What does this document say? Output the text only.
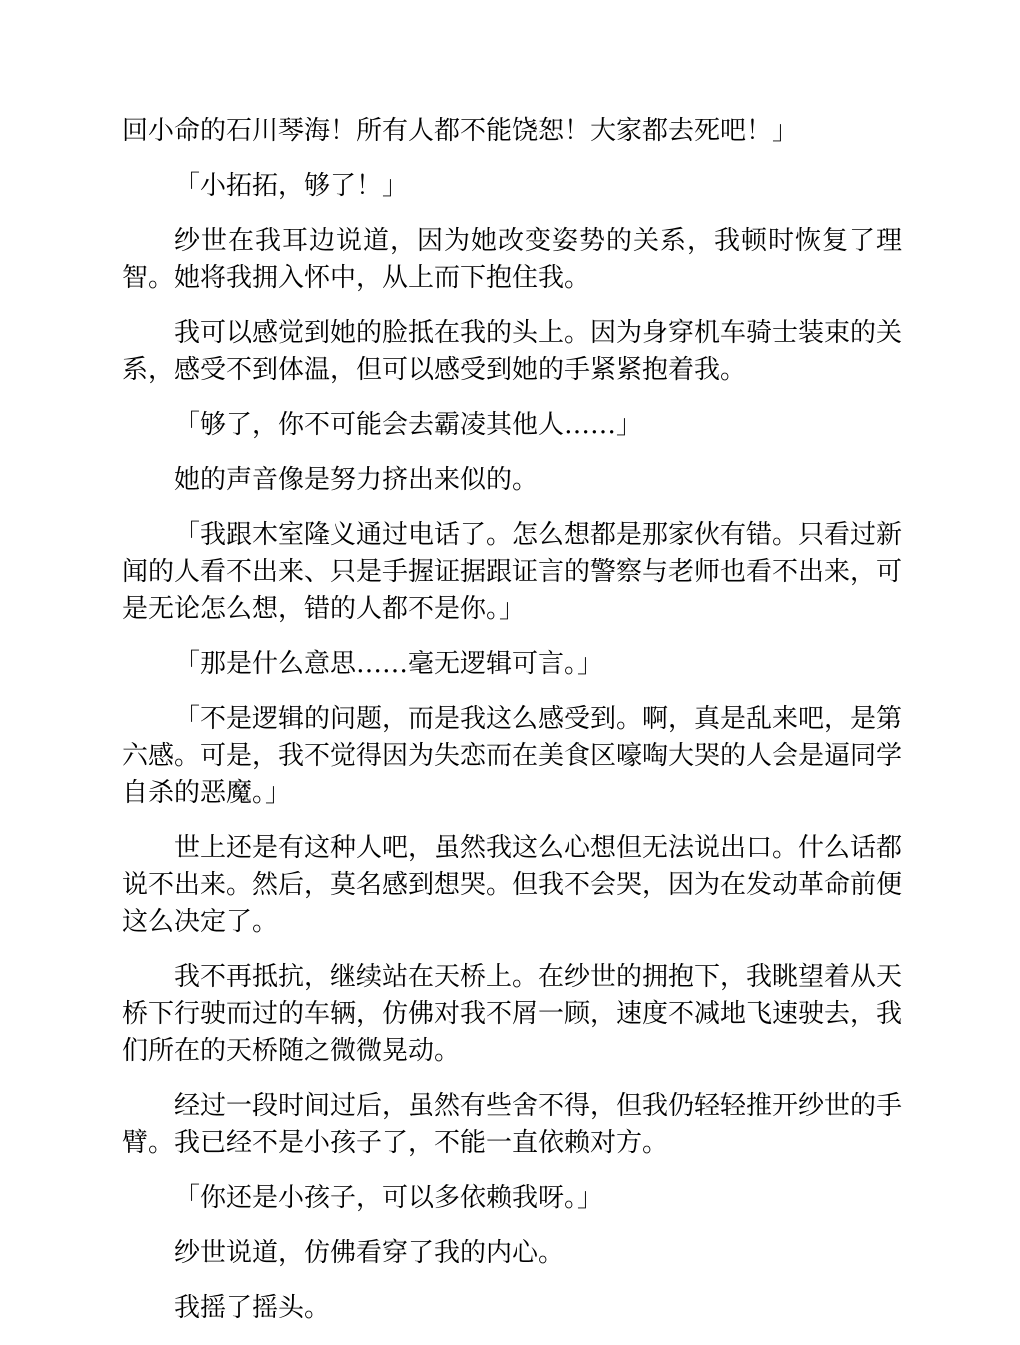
回小命的石川琴海！所有人都不能饶恕！大家都去死吧！」

「小拓拓，够了！」

纱世在我耳边说道，因为她改变姿势的关系，我顿时恢复了理智。她将我拥入怀中，从上而下抱住我。

我可以感觉到她的脸抵在我的头上。因为身穿机车骑士装束的关系，感受不到体温，但可以感受到她的手紧紧抱着我。

「够了，你不可能会去霸凌其他人……」

她的声音像是努力挤出来似的。

「我跟木室隆义通过电话了。怎么想都是那家伙有错。只看过新闻的人看不出来、只是手握证据跟证言的警察与老师也看不出来，可是无论怎么想，错的人都不是你。」

「那是什么意思……毫无逻辑可言。」

「不是逻辑的问题，而是我这么感受到。啊，真是乱来吧，是第六感。可是，我不觉得因为失恋而在美食区嚎啕大哭的人会是逼同学自杀的恶魔。」

世上还是有这种人吧，虽然我这么心想但无法说出口。什么话都说不出来。然后，莫名感到想哭。但我不会哭，因为在发动革命前便这么决定了。

我不再抵抗，继续站在天桥上。在纱世的拥抱下，我眺望着从天桥下行驶而过的车辆，仿佛对我不屑一顾，速度不减地飞速驶去，我们所在的天桥随之微微晃动。

经过一段时间过后，虽然有些舍不得，但我仍轻轻推开纱世的手臂。我已经不是小孩子了，不能一直依赖对方。

「你还是小孩子，可以多依赖我呀。」

纱世说道，仿佛看穿了我的内心。

我摇了摇头。
